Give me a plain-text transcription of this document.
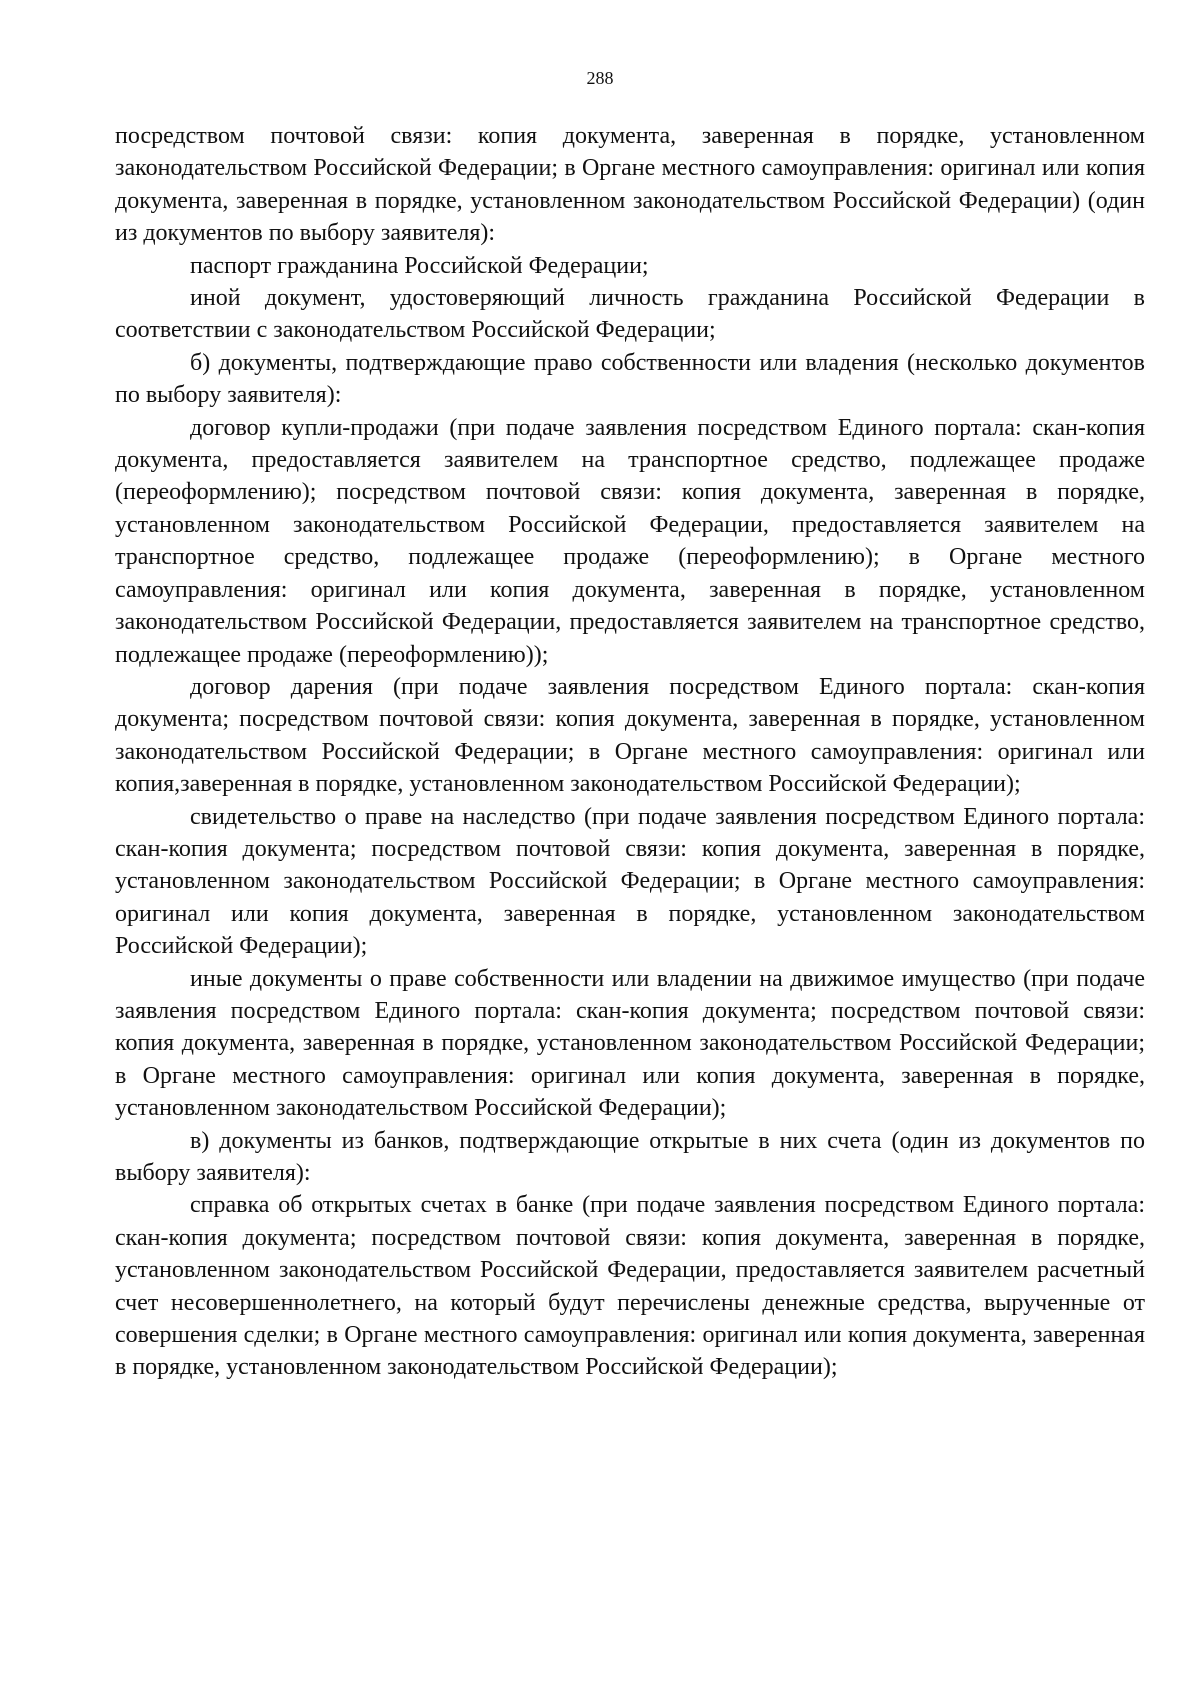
288

посредством почтовой связи: копия документа, заверенная в порядке, установленном законодательством Российской Федерации; в Органе местного самоуправления: оригинал или копия документа, заверенная в порядке, установленном законодательством Российской Федерации) (один из документов по выбору заявителя):

паспорт гражданина Российской Федерации;

иной документ, удостоверяющий личность гражданина Российской Федерации в соответствии с законодательством Российской Федерации;

б) документы, подтверждающие право собственности или владения (несколько документов по выбору заявителя):

договор купли-продажи (при подаче заявления посредством Единого портала: скан-копия документа, предоставляется заявителем на транспортное средство, подлежащее продаже (переоформлению); посредством почтовой связи: копия документа, заверенная в порядке, установленном законодательством Российской Федерации, предоставляется заявителем на транспортное средство, подлежащее продаже (переоформлению); в Органе местного самоуправления: оригинал или копия документа, заверенная в порядке, установленном законодательством Российской Федерации, предоставляется заявителем на транспортное средство, подлежащее продаже (переоформлению));

договор дарения (при подаче заявления посредством Единого портала: скан-копия документа; посредством почтовой связи: копия документа, заверенная в порядке, установленном законодательством Российской Федерации; в Органе местного самоуправления: оригинал или копия,заверенная в порядке, установленном законодательством Российской Федерации);

свидетельство о праве на наследство (при подаче заявления посредством Единого портала: скан-копия документа; посредством почтовой связи: копия документа, заверенная в порядке, установленном законодательством Российской Федерации; в Органе местного самоуправления: оригинал или копия документа, заверенная в порядке, установленном законодательством Российской Федерации);

иные документы о праве собственности или владении на движимое имущество (при подаче заявления посредством Единого портала: скан-копия документа; посредством почтовой связи: копия документа, заверенная в порядке, установленном законодательством Российской Федерации; в Органе местного самоуправления: оригинал или копия документа, заверенная в порядке, установленном законодательством Российской Федерации);

в) документы из банков, подтверждающие открытые в них счета (один из документов по выбору заявителя):

справка об открытых счетах в банке (при подаче заявления посредством Единого портала: скан-копия документа; посредством почтовой связи: копия документа, заверенная в порядке, установленном законодательством Российской Федерации, предоставляется заявителем расчетный счет несовершеннолетнего, на который будут перечислены денежные средства, вырученные от совершения сделки; в Органе местного самоуправления: оригинал или копия документа, заверенная в порядке, установленном законодательством Российской Федерации);
